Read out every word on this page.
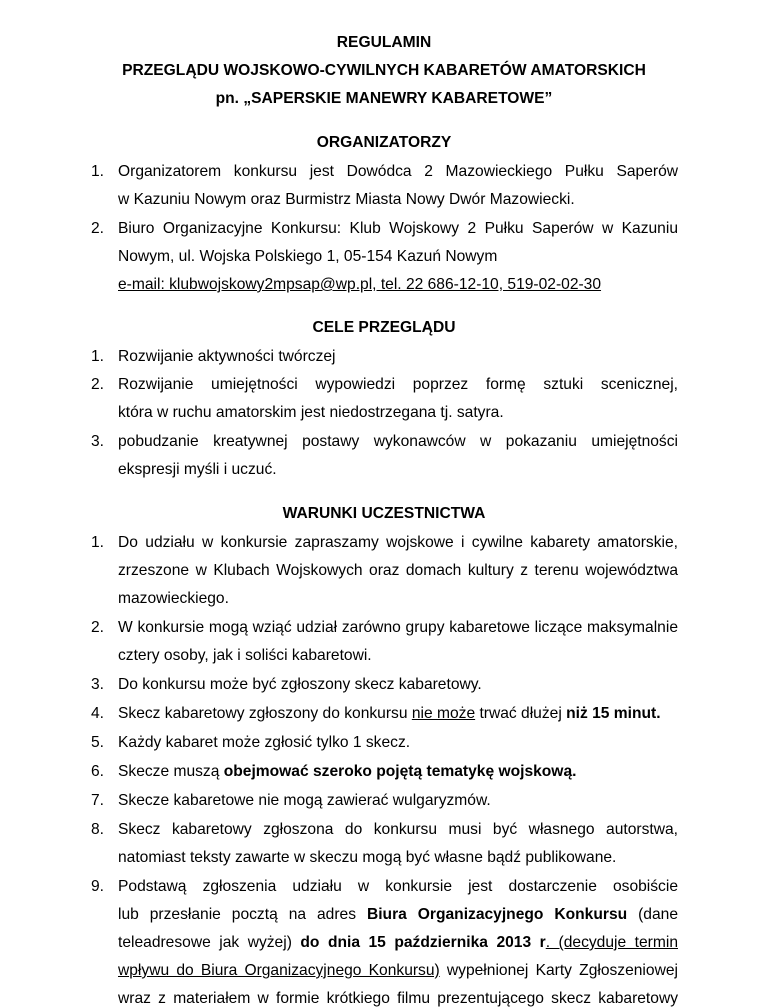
REGULAMIN
PRZEGLĄDU WOJSKOWO-CYWILNYCH KABARETÓW AMATORSKICH
pn. „SAPERSKIE MANEWRY KABARETOWE”
ORGANIZATORZY
1. Organizatorem konkursu jest Dowódca 2 Mazowieckiego Pułku Saperów
w Kazuniu Nowym oraz Burmistrz Miasta Nowy Dwór Mazowiecki.
2. Biuro Organizacyjne Konkursu: Klub Wojskowy 2 Pułku Saperów w Kazuniu
Nowym, ul. Wojska Polskiego 1, 05-154 Kazuń Nowym
e-mail: klubwojskowy2mpsap@wp.pl, tel. 22 686-12-10, 519-02-02-30
CELE PRZEGLĄDU
1. Rozwijanie aktywności twórczej
2. Rozwijanie umiejętności wypowiedzi poprzez formę sztuki scenicznej,
która w ruchu amatorskim jest niedostrzegana tj. satyra.
3. pobudzanie kreatywnej postawy wykonawców w pokazaniu umiejętności
ekspresji myśli i uczuć.
WARUNKI UCZESTNICTWA
1. Do udziału w konkursie zapraszamy wojskowe i cywilne kabarety amatorskie,
zrzeszone w Klubach Wojskowych oraz domach kultury z terenu województwa
mazowieckiego.
2. W konkursie mogą wziąć udział zarówno grupy kabaretowe liczące maksymalnie
cztery osoby, jak i soliści kabaretowi.
3. Do konkursu może być zgłoszony skecz kabaretowy.
4. Skecz kabaretowy zgłoszony do konkursu nie może trwać dłużej niż 15 minut.
5. Każdy kabaret może zgłosić tylko 1 skecz.
6. Skecze muszą obejmować szeroko pojętą tematykę wojskową.
7. Skecze kabaretowe nie mogą zawierać wulgaryzmów.
8. Skecz kabaretowy zgłoszona do konkursu musi być własnego autorstwa,
natomiast teksty zawarte w skeczu mogą być własne bądź publikowane.
9. Podstawą zgłoszenia udziału w konkursie jest dostarczenie osobiście
lub przesłanie pocztą na adres Biura Organizacyjnego Konkursu (dane
teleadresowe jak wyżej) do dnia 15 października 2013 r. (decyduje termin
wpływu do Biura Organizacyjnego Konkursu) wypełnionej Karty Zgłoszeniowej
wraz z materiałem w formie krótkiego filmu prezentującego skecz kabaretowy
